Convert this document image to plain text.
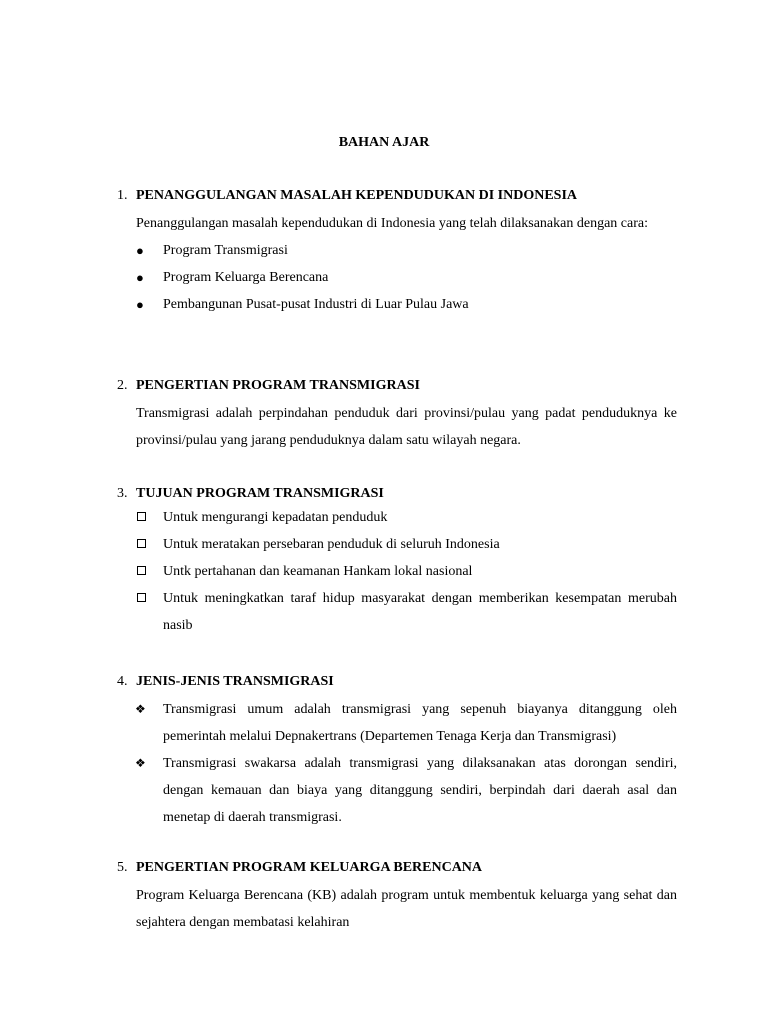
BAHAN AJAR
1. PENANGGULANGAN MASALAH KEPENDUDUKAN DI INDONESIA
Penanggulangan masalah kependudukan di Indonesia yang telah dilaksanakan dengan cara:
●	Program Transmigrasi
●	Program Keluarga Berencana
●	Pembangunan Pusat-pusat Industri di Luar Pulau Jawa
2. PENGERTIAN PROGRAM TRANSMIGRASI
Transmigrasi adalah perpindahan penduduk dari provinsi/pulau yang padat penduduknya ke provinsi/pulau yang jarang penduduknya dalam satu wilayah negara.
3. TUJUAN PROGRAM TRANSMIGRASI
Untuk mengurangi kepadatan penduduk
Untuk meratakan persebaran penduduk di seluruh Indonesia
Untk pertahanan dan keamanan Hankam lokal nasional
Untuk meningkatkan taraf hidup masyarakat dengan memberikan kesempatan merubah nasib
4. JENIS-JENIS TRANSMIGRASI
❖ Transmigrasi umum adalah transmigrasi yang sepenuh biayanya ditanggung oleh pemerintah melalui Depnakertrans (Departemen Tenaga Kerja dan Transmigrasi)
❖ Transmigrasi swakarsa adalah transmigrasi yang dilaksanakan atas dorongan sendiri, dengan kemauan dan biaya yang ditanggung sendiri, berpindah dari daerah asal dan menetap di daerah transmigrasi.
5. PENGERTIAN PROGRAM KELUARGA BERENCANA
Program Keluarga Berencana (KB) adalah program untuk membentuk keluarga yang sehat dan sejahtera dengan membatasi kelahiran
